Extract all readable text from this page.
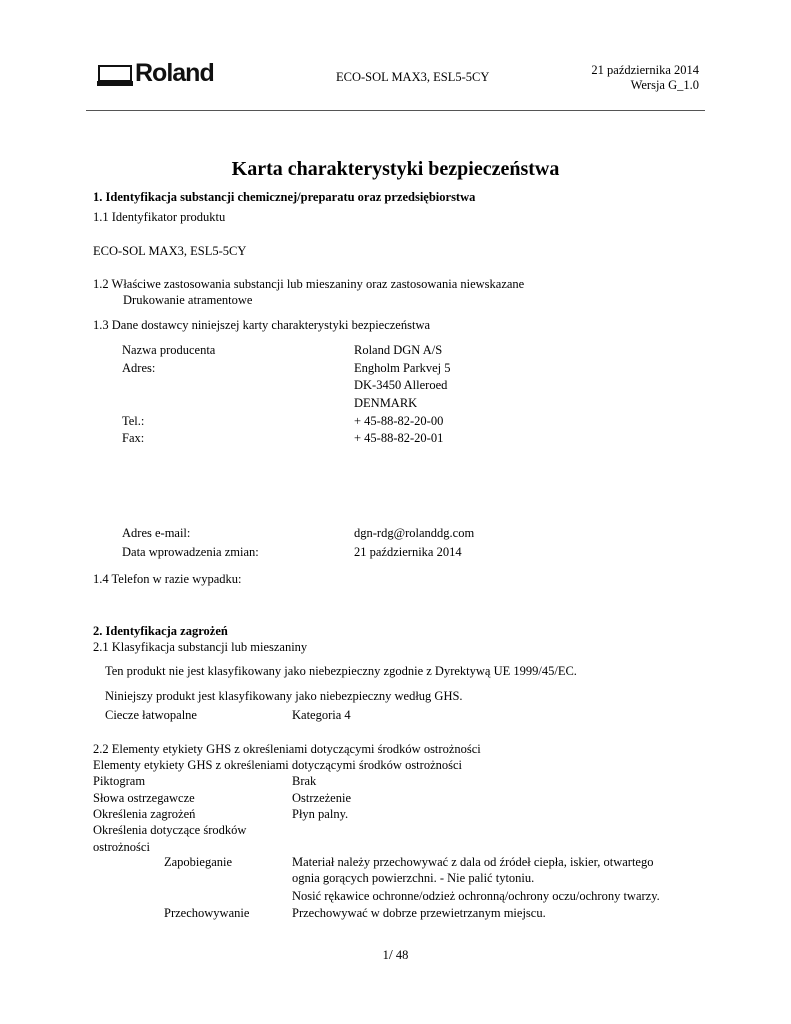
Roland	ECO-SOL MAX3, ESL5-5CY	21 października 2014
Wersja G_1.0
Karta charakterystyki bezpieczeństwa
1. Identyfikacja substancji chemicznej/preparatu oraz przedsiębiorstwa
1.1 Identyfikator produktu
ECO-SOL MAX3, ESL5-5CY
1.2 Właściwe zastosowania substancji lub mieszaniny oraz zastosowania niewskazane
Drukowanie atramentowe
1.3 Dane dostawcy niniejszej karty charakterystyki bezpieczeństwa
Nazwa producenta	Roland DGN A/S
Adres:	Engholm Parkvej 5
DK-3450 Alleroed
DENMARK
Tel.:	+ 45-88-82-20-00
Fax:	+ 45-88-82-20-01
Adres e-mail:	dgn-rdg@rolanddg.com
Data wprowadzenia zmian:	21 października 2014
1.4 Telefon w razie wypadku:
2. Identyfikacja zagrożeń
2.1 Klasyfikacja substancji lub mieszaniny
Ten produkt nie jest klasyfikowany jako niebezpieczny zgodnie z Dyrektywą UE 1999/45/EC.
Niniejszy produkt jest klasyfikowany jako niebezpieczny według GHS.
Ciecze łatwopalne	Kategoria 4
2.2 Elementy etykiety GHS z określeniami dotyczącymi środków ostrożności
Elementy etykiety GHS z określeniami dotyczącymi środków ostrożności
Piktogram	Brak
Słowa ostrzegawcze	Ostrzeżenie
Określenia zagrożeń	Płyn palny.
Określenia dotyczące środków
ostrożności
Zapobieganie	Materiał należy przechowywać z dala od źródeł ciepła, iskier, otwartego
ognia gorących powierzchni. - Nie palić tytoniu.
Nosić rękawice ochronne/odzież ochronną/ochrony oczu/ochrony twarzy.
Przechowywanie	Przechowywać w dobrze przewietrzanym miejscu.
1/ 48
